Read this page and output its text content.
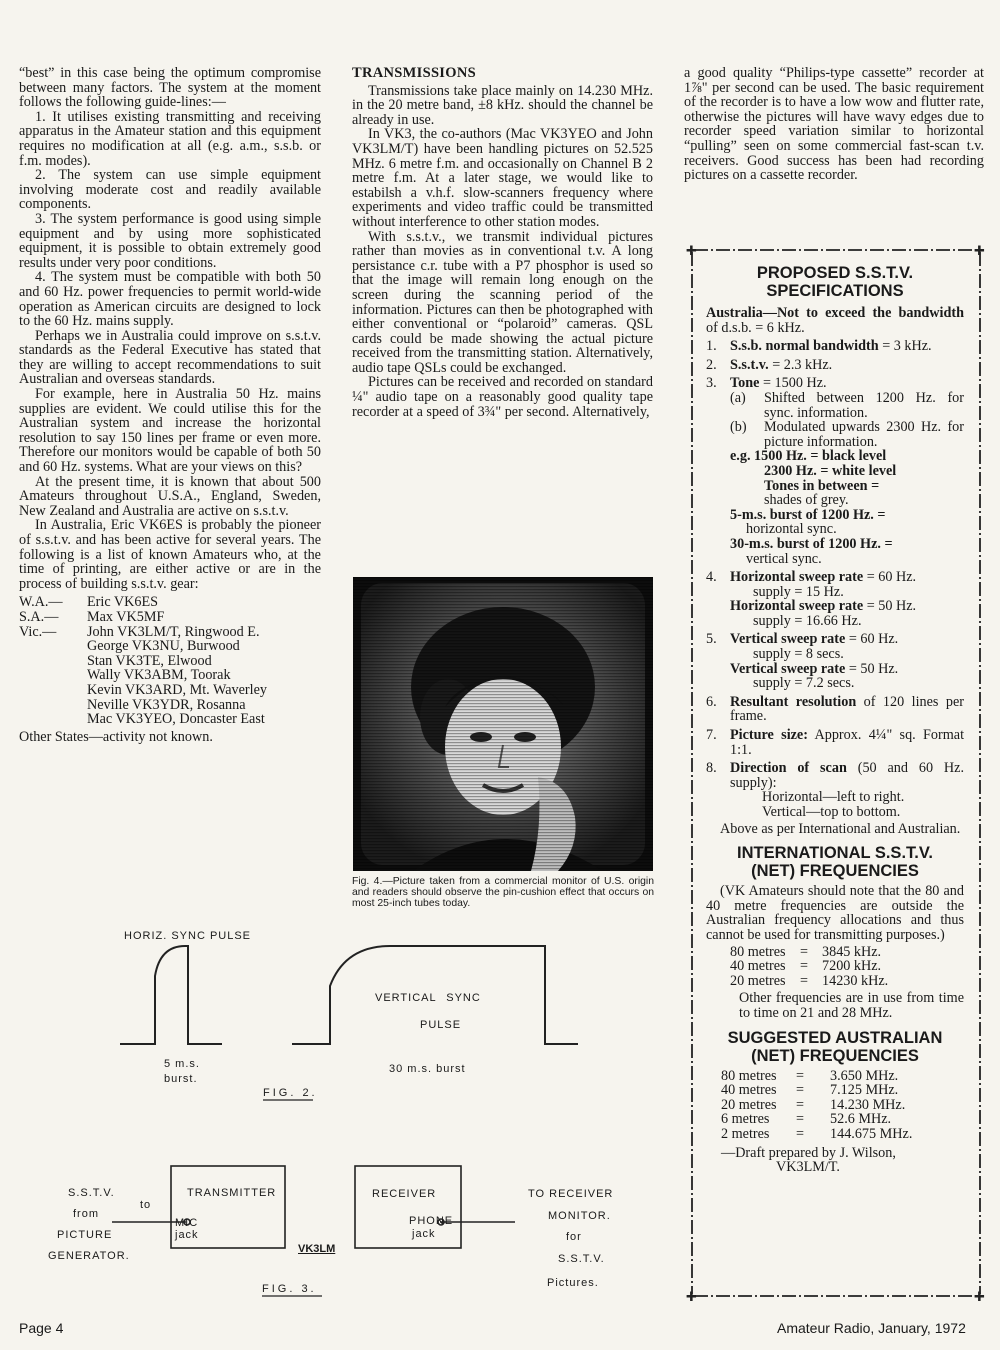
“best” in this case being the optimum compromise between many factors. The system at the moment follows the following guide-lines:—

1. It utilises existing transmitting and receiving apparatus in the Amateur station and this equipment requires no modification at all (e.g. a.m., s.s.b. or f.m. modes).

2. The system can use simple equipment involving moderate cost and readily available components.

3. The system performance is good using simple equipment and by using more sophisticated equipment, it is possible to obtain extremely good results under very poor conditions.

4. The system must be compatible with both 50 and 60 Hz. power frequencies to permit world-wide operation as American circuits are designed to lock to the 60 Hz. mains supply.

Perhaps we in Australia could improve on s.s.t.v. standards as the Federal Executive has stated that they are willing to accept recommendations to suit Australian and overseas standards.

For example, here in Australia 50 Hz. mains supplies are evident. We could utilise this for the Australian system and increase the horizontal resolution to say 150 lines per frame or even more. Therefore our monitors would be capable of both 50 and 60 Hz. systems. What are your views on this?

At the present time, it is known that about 500 Amateurs throughout U.S.A., England, Sweden, New Zealand and Australia are active on s.s.t.v.

In Australia, Eric VK6ES is probably the pioneer of s.s.t.v. and has been active for several years. The following is a list of known Amateurs who, at the time of printing, are either active or are in the process of building s.s.t.v. gear:

W.A.—	Eric VK6ES
S.A.—	Max VK5MF
Vic.—	John VK3LM/T, Ringwood E.
George VK3NU, Burwood
Stan VK3TE, Elwood
Wally VK3ABM, Toorak
Kevin VK3ARD, Mt. Waverley
Neville VK3YDR, Rosanna
Mac VK3YEO, Doncaster East

Other States—activity not known.

TRANSMISSIONS

Transmissions take place mainly on 14.230 MHz. in the 20 metre band, ±8 kHz. should the channel be already in use.

In VK3, the co-authors (Mac VK3YEO and John VK3LM/T) have been handling pictures on 52.525 MHz. 6 metre f.m. and occasionally on Channel B 2 metre f.m. At a later stage, we would like to estabilsh a v.h.f. slow-scanners frequency where experiments and video traffic could be transmitted without interference to other station modes.

With s.s.t.v., we transmit individual pictures rather than movies as in conventional t.v. A long persistance c.r. tube with a P7 phosphor is used so that the image will remain long enough on the screen during the scanning period of the information. Pictures can then be photographed with either conventional or “polaroid” cameras. QSL cards could be made showing the actual picture received from the transmitting station. Alternatively, audio tape QSLs could be exchanged.

Pictures can be received and recorded on standard ¼" audio tape on a reasonably good quality tape recorder at a speed of 3¾" per second. Alternatively,

Fig. 4.—Picture taken from a commercial monitor of U.S. origin and readers should observe the pin-cushion effect that occurs on most 25-inch tubes today.

a good quality “Philips-type cassette” recorder at 1⅞" per second can be used. The basic requirement of the recorder is to have a low wow and flutter rate, otherwise the pictures will have wavy edges due to recorder speed variation similar to horizontal “pulling” seen on some commercial fast-scan t.v. receivers. Good success has been had recording pictures on a cassette recorder.

✚	✚
✚	✚
PROPOSED S.S.T.V.
SPECIFICATIONS
Australia—Not to exceed the bandwidth of d.s.b. = 6 kHz.
1. S.s.b. normal bandwidth = 3 kHz.
2. S.s.t.v. = 2.3 kHz.
3. Tone = 1500 Hz.
(a)	Shifted between 1200 Hz. for sync. information.
(b)	Modulated upwards 2300 Hz. for picture information.
e.g. 1500 Hz. = black level
2300 Hz. = white level
Tones in between =
shades of grey.
5-m.s. burst of 1200 Hz. =
horizontal sync.
30-m.s. burst of 1200 Hz. =
vertical sync.
4. Horizontal sweep rate = 60 Hz.
supply = 15 Hz.
Horizontal sweep rate = 50 Hz.
supply = 16.66 Hz.
5. Vertical sweep rate = 60 Hz.
supply = 8 secs.
Vertical sweep rate = 50 Hz.
supply = 7.2 secs.
6. Resultant resolution of 120 lines per frame.
7. Picture size: Approx. 4¼" sq. Format 1:1.
8. Direction of scan (50 and 60 Hz. supply):
Horizontal—left to right.
Vertical—top to bottom.
Above as per International and Australian.
INTERNATIONAL S.S.T.V.
(NET) FREQUENCIES
(VK Amateurs should note that the 80 and 40 metre frequencies are outside the Australian frequency allocations and thus cannot be used for transmitting purposes.)
80 metres	= 3845 kHz.
40 metres	= 7200 kHz.
20 metres	= 14230 kHz.
Other frequencies are in use from time to time on 21 and 28 MHz.
SUGGESTED AUSTRALIAN
(NET) FREQUENCIES
80 metres	=	3.650 MHz.
40 metres	=	7.125 MHz.
20 metres	=	14.230 MHz.
6 metres	=	52.6 MHz.
2 metres	=	144.675 MHz.
—Draft prepared by J. Wilson,
VK3LM/T.
HORIZ. SYNC PULSE
VERTICAL SYNC
PULSE
5 m.s.
burst.
30 m.s. burst
FIG. 2.
S.S.T.V.
from
PICTURE
GENERATOR.
to
TRANSMITTER
MIC
jack
VK3LM
RECEIVER
PHONE
jack
TO RECEIVER
MONITOR.
for
S.S.T.V.
Pictures.
FIG. 3.
Page 4	Amateur Radio, January, 1972
